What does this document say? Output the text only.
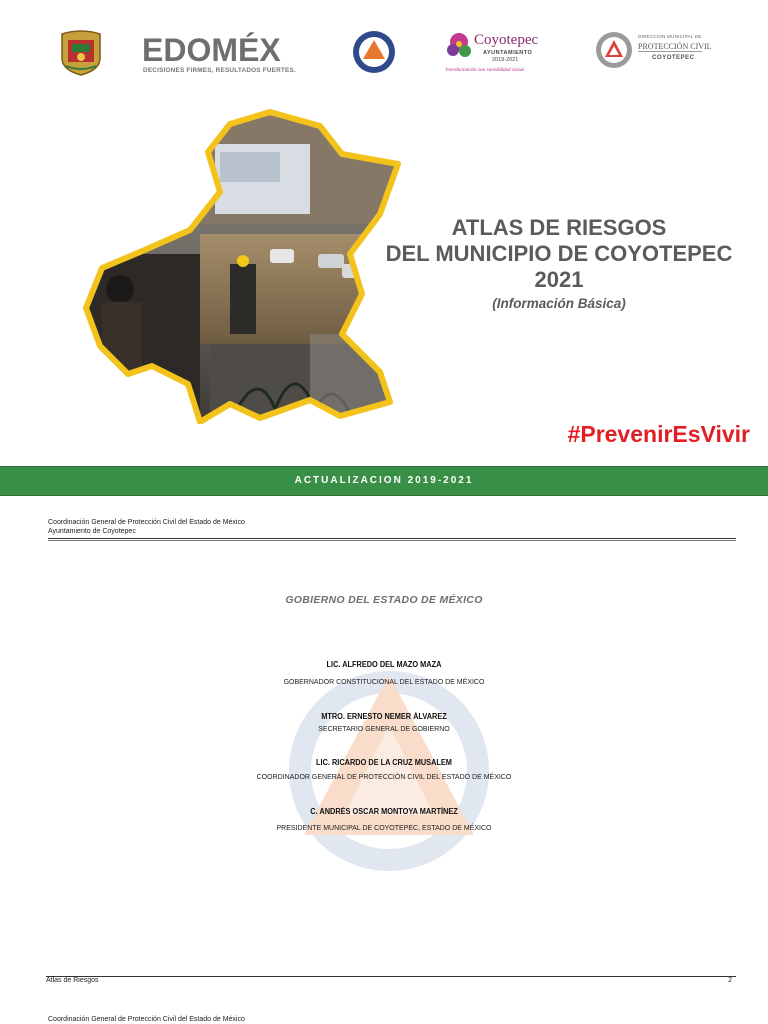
EDOMÉX
DECISIONES FIRMES, RESULTADOS FUERTES.
Coyotepec
AYUNTAMIENTO
2019-2021
Transformación con sensibilidad social.
DIRECCIÓN MUNICIPAL DE
PROTECCIÓN CIVIL
COYOTEPEC
ATLAS DE RIESGOS
DEL MUNICIPIO DE COYOTEPEC
2021
(Información Básica)
#PrevenirEsVivir
ACTUALIZACION 2019-2021
Coordinación General de Protección Civil del Estado de México
Ayuntamiento de Coyotepec
GOBIERNO DEL ESTADO DE MÉXICO
LIC. ALFREDO DEL MAZO MAZA
GOBERNADOR CONSTITUCIONAL DEL ESTADO DE MÉXICO
MTRO. ERNESTO NEMER ÁLVAREZ
SECRETARIO GENERAL DE GOBIERNO
LIC. RICARDO DE LA CRUZ MUSALEM
COORDINADOR GENERAL DE PROTECCIÓN CIVIL DEL ESTADO DE MÉXICO
C. ANDRÉS OSCAR MONTOYA MARTÍNEZ
PRESIDENTE MUNICIPAL DE COYOTEPEC, ESTADO DE MÉXICO
Atlas de Riesgos	2
Coordinación General de Protección Civil del Estado de México
